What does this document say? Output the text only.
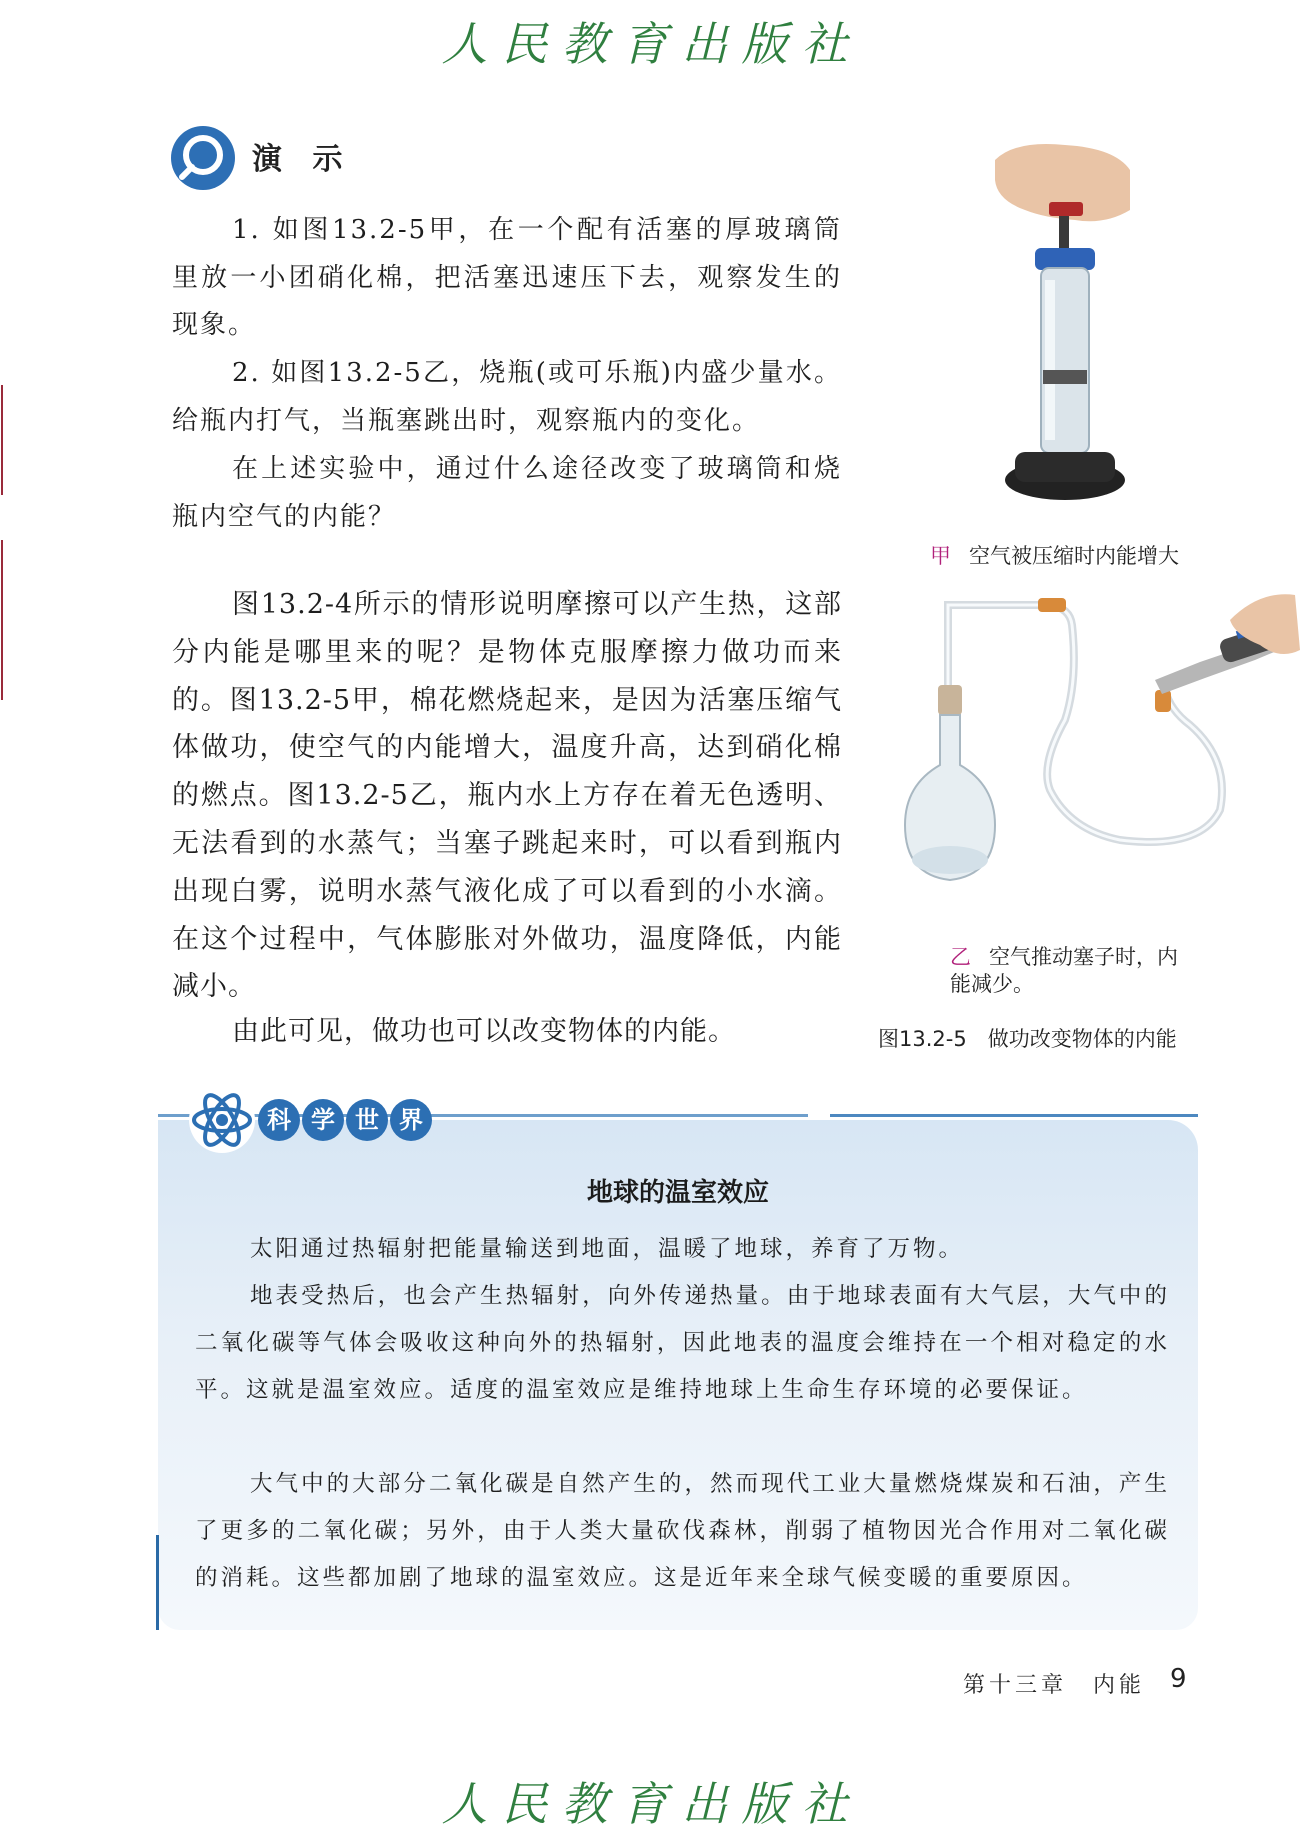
人民教育出版社
演 示
1. 如图13.2-5甲，在一个配有活塞的厚玻璃筒里放一小团硝化棉，把活塞迅速压下去，观察发生的现象。
2. 如图13.2-5乙，烧瓶(或可乐瓶)内盛少量水。给瓶内打气，当瓶塞跳出时，观察瓶内的变化。
在上述实验中，通过什么途径改变了玻璃筒和烧瓶内空气的内能？
甲 空气被压缩时内能增大
乙 空气推动塞子时，内能减少。
图13.2-5　做功改变物体的内能
图13.2-4所示的情形说明摩擦可以产生热，这部分内能是哪里来的呢？是物体克服摩擦力做功而来的。图13.2-5甲，棉花燃烧起来，是因为活塞压缩气体做功，使空气的内能增大，温度升高，达到硝化棉的燃点。图13.2-5乙，瓶内水上方存在着无色透明、无法看到的水蒸气；当塞子跳起来时，可以看到瓶内出现白雾，说明水蒸气液化成了可以看到的小水滴。在这个过程中，气体膨胀对外做功，温度降低，内能减小。
由此可见，做功也可以改变物体的内能。
科 学 世 界
地球的温室效应
太阳通过热辐射把能量输送到地面，温暖了地球，养育了万物。
地表受热后，也会产生热辐射，向外传递热量。由于地球表面有大气层，大气中的二氧化碳等气体会吸收这种向外的热辐射，因此地表的温度会维持在一个相对稳定的水平。这就是温室效应。适度的温室效应是维持地球上生命生存环境的必要保证。
大气中的大部分二氧化碳是自然产生的，然而现代工业大量燃烧煤炭和石油，产生了更多的二氧化碳；另外，由于人类大量砍伐森林，削弱了植物因光合作用对二氧化碳的消耗。这些都加剧了地球的温室效应。这是近年来全球气候变暖的重要原因。
第十三章　内能 9
人民教育出版社
